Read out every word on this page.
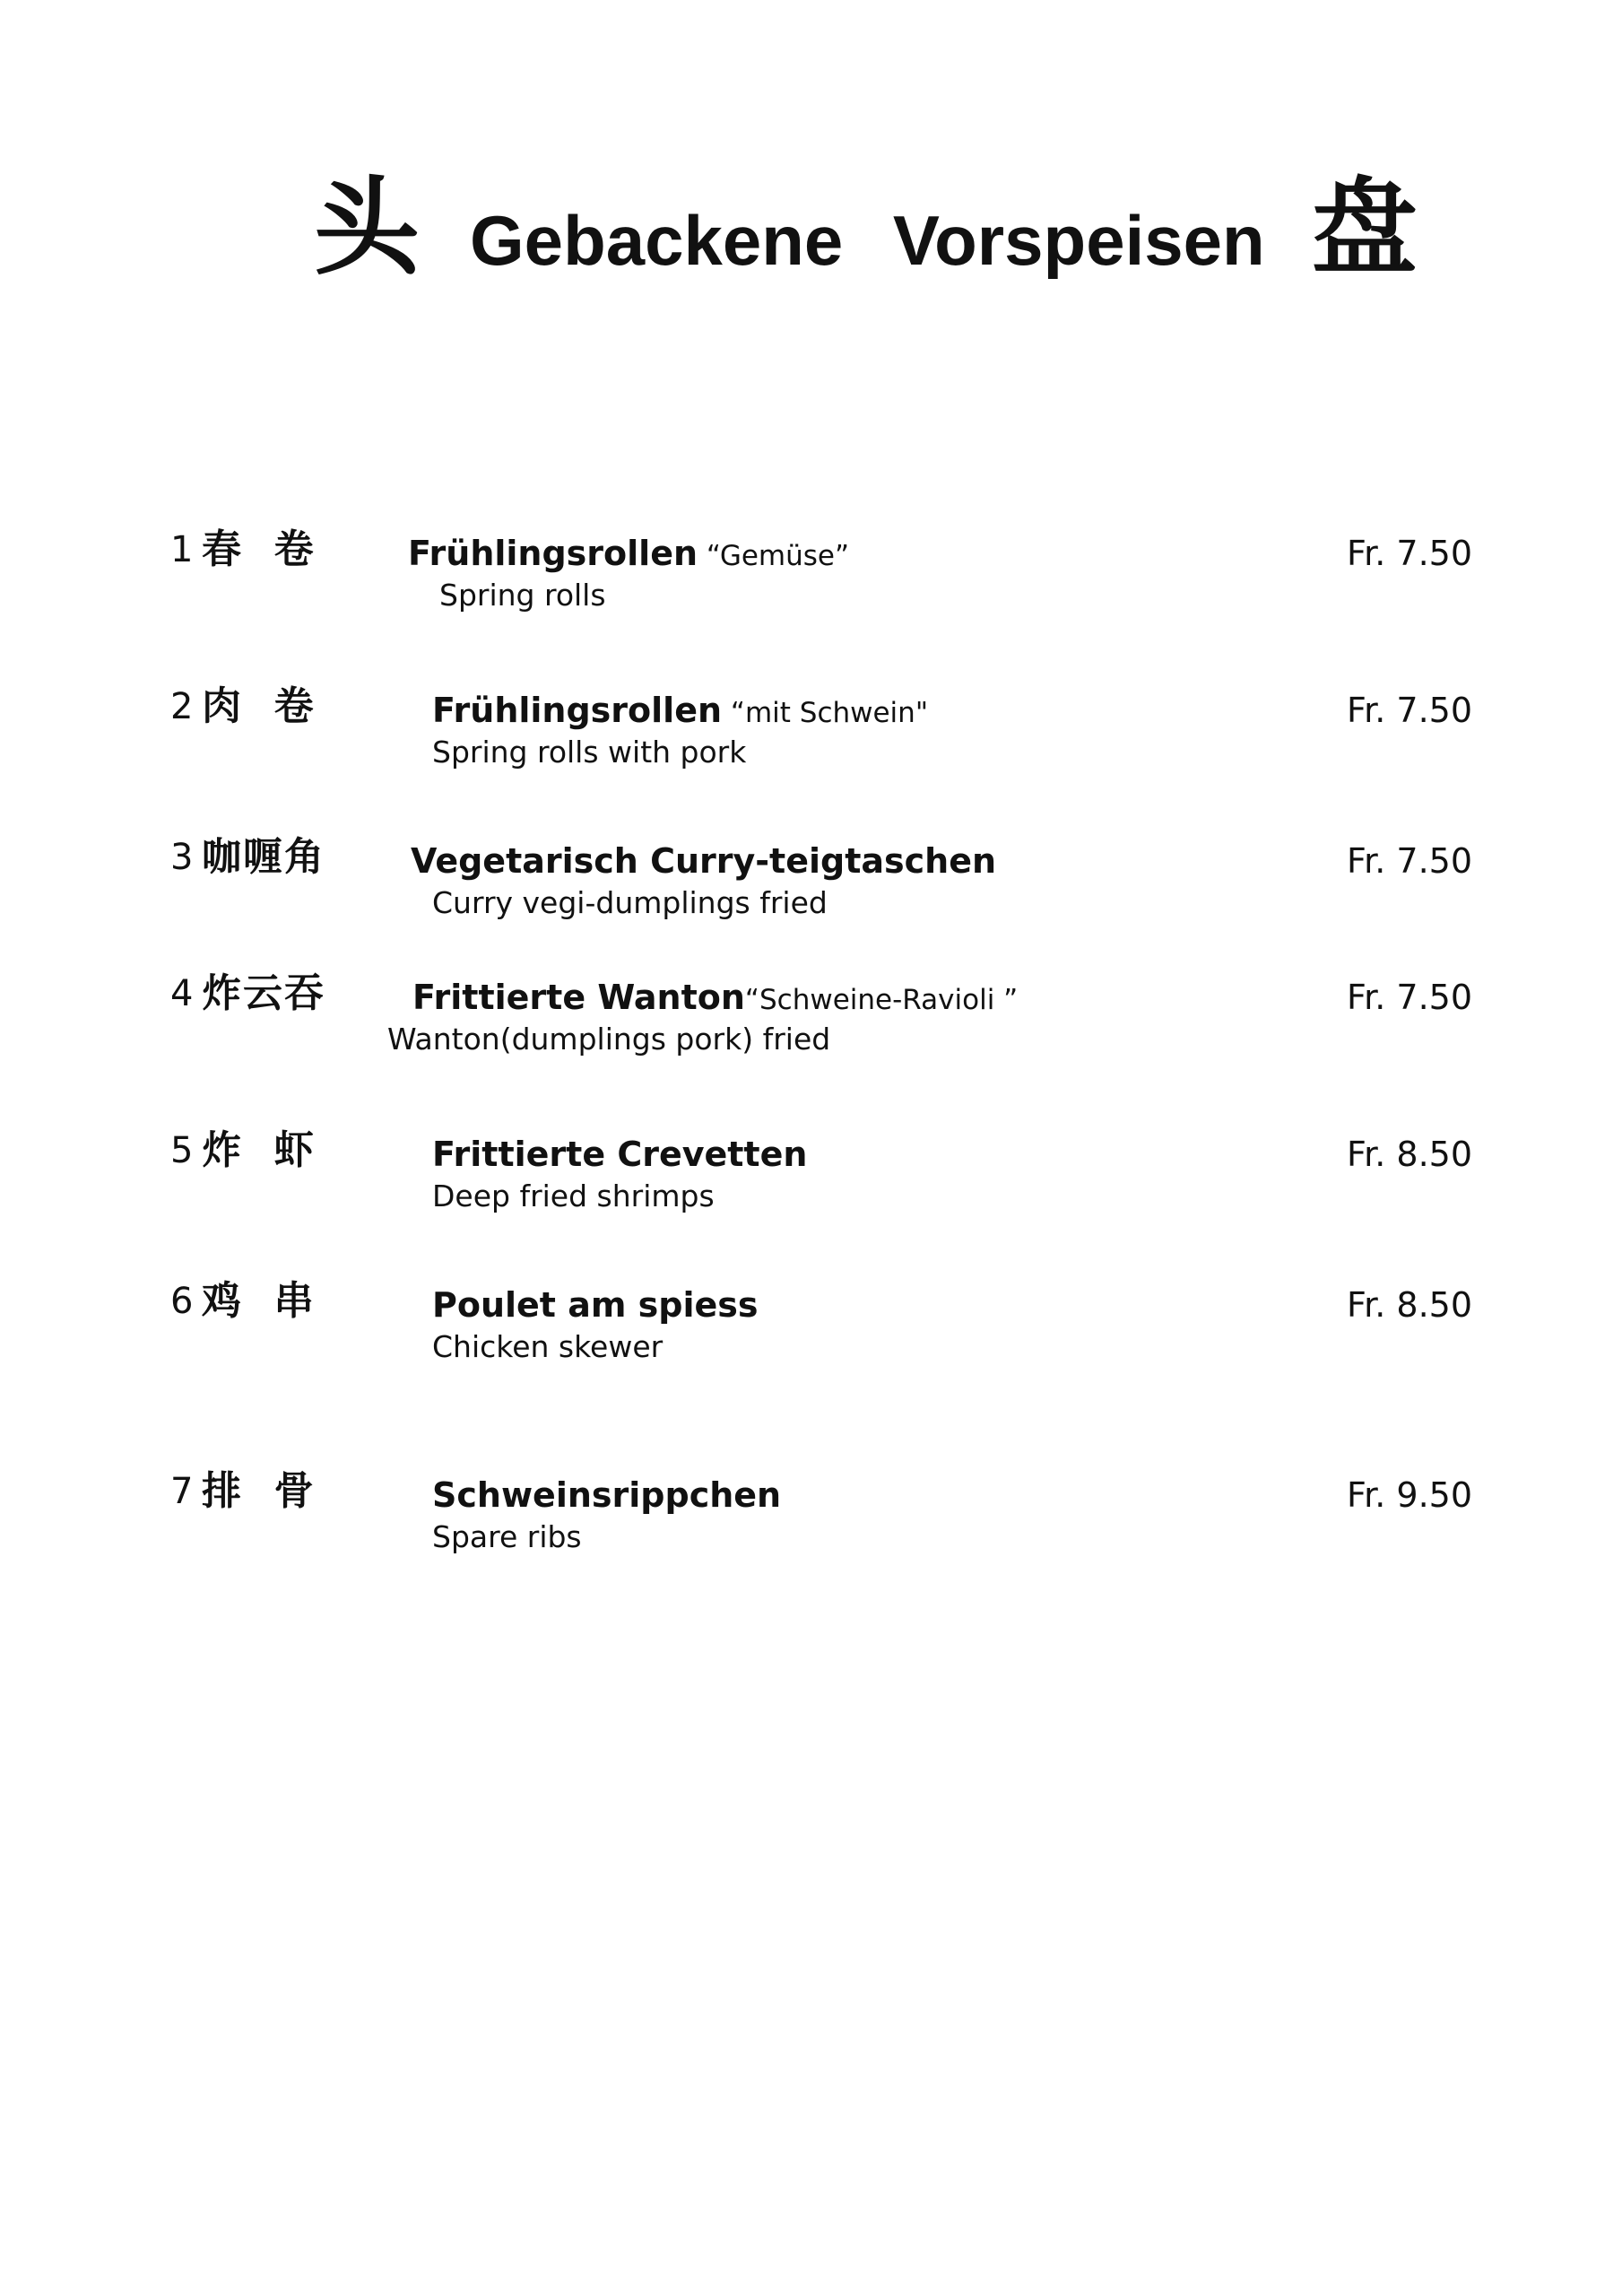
头 Gebackene Vorspeisen 盘
1 春  卷	Frühlingsrollen “Gemüse”
Spring rolls
Fr. 7.50
2 肉  卷	Frühlingsrollen “mit Schwein"
Spring rolls with pork
Fr. 7.50
3 咖喱角	Vegetarisch Curry-teigtaschen
Curry vegi-dumplings fried
Fr. 7.50
4 炸云吞	Frittierte Wanton“Schweine-Ravioli ”
Wanton(dumplings pork) fried
Fr. 7.50
5 炸  虾	Frittierte Crevetten
Deep fried shrimps
Fr. 8.50
6 鸡  串	Poulet am spiess
Chicken skewer
Fr. 8.50
7 排  骨	Schweinsrippchen
Spare ribs
Fr. 9.50
